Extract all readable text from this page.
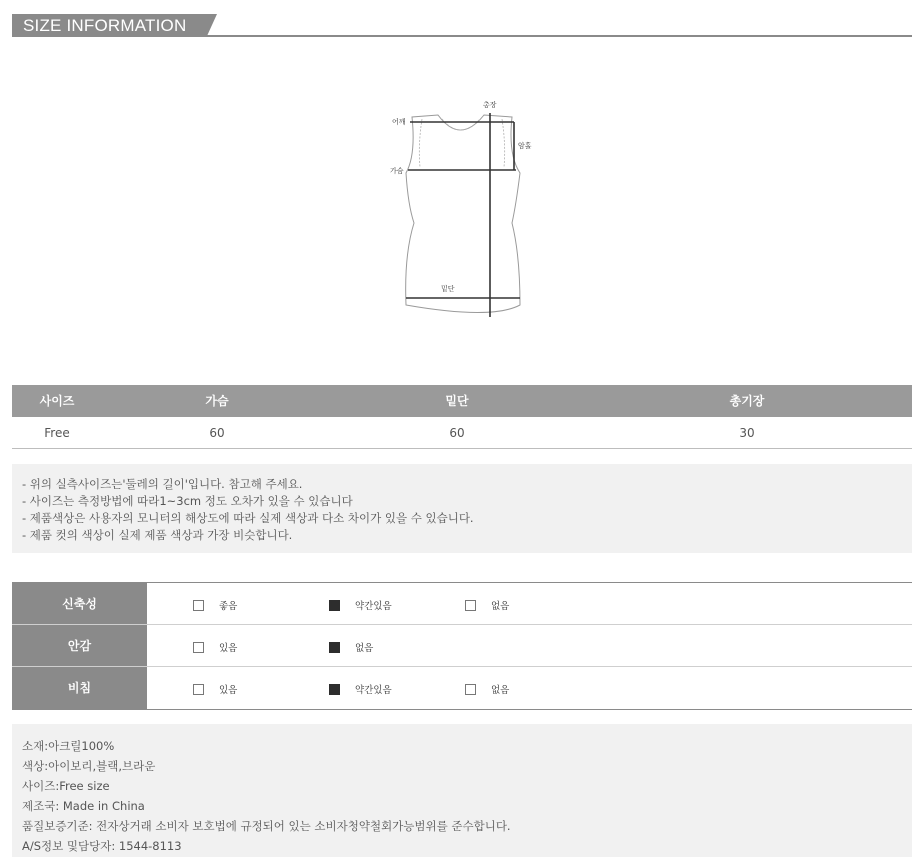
SIZE INFORMATION
총장
어깨
암홀
가슴
밑단
사이즈	가슴	밑단	총기장
Free	60	60	30
- 위의 실측사이즈는'둘레의 길이'입니다. 참고해 주세요.
- 사이즈는 측정방법에 따라1~3cm 정도 오차가 있을 수 있습니다
- 제품색상은 사용자의 모니터의 해상도에 따라 실제 색상과 다소 차이가 있을 수 있습니다.
- 제품 컷의 색상이 실제 제품 색상과 가장 비슷합니다.
신축성	좋음	약간있음	없음
안감	있음	없음
비침	있음	약간있음	없음
소재:아크릴100%
색상:아이보리,블랙,브라운
사이즈:Free size
제조국: Made in China
품질보증기준: 전자상거래 소비자 보호법에 규정되어 있는 소비자청약철회가능범위를 준수합니다.
A/S정보 및담당자: 1544-8113
